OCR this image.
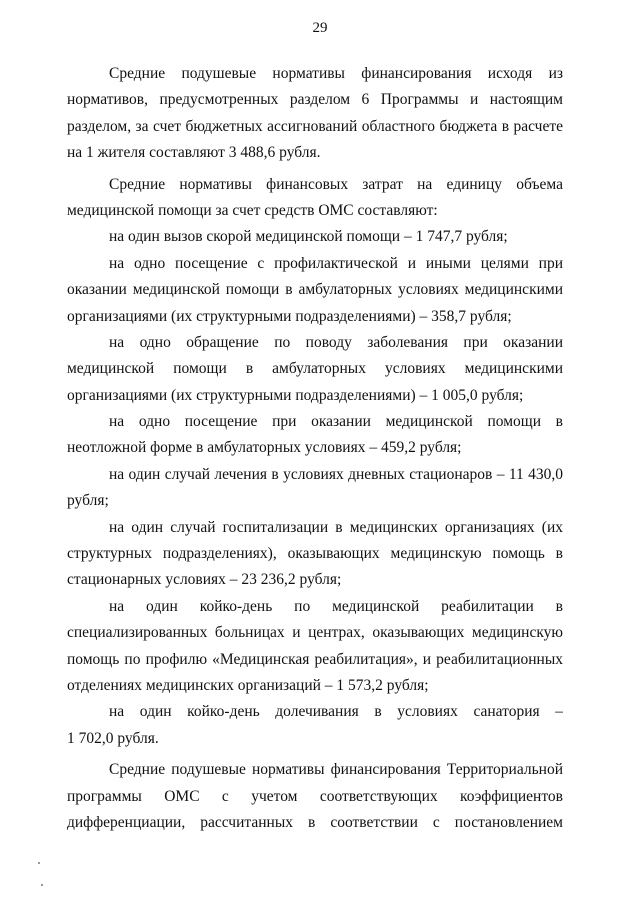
29
Средние подушевые нормативы финансирования исходя из
нормативов, предусмотренных разделом 6 Программы и настоящим
разделом, за счет бюджетных ассигнований областного бюджета в расчете
на 1 жителя составляют 3 488,6 рубля.
Средние нормативы финансовых затрат на единицу объема
медицинской помощи за счет средств ОМС составляют:
на один вызов скорой медицинской помощи – 1 747,7 рубля;
на одно посещение с профилактической и иными целями при
оказании медицинской помощи в амбулаторных условиях медицинскими
организациями (их структурными подразделениями) – 358,7 рубля;
на одно обращение по поводу заболевания при оказании
медицинской помощи в амбулаторных условиях медицинскими
организациями (их структурными подразделениями) – 1 005,0 рубля;
на одно посещение при оказании медицинской помощи в
неотложной форме в амбулаторных условиях – 459,2 рубля;
на один случай лечения в условиях дневных стационаров – 11 430,0
рубля;
на один случай госпитализации в медицинских организациях (их
структурных подразделениях), оказывающих медицинскую помощь в
стационарных условиях – 23 236,2 рубля;
на один койко-день по медицинской реабилитации в
специализированных больницах и центрах, оказывающих медицинскую
помощь по профилю «Медицинская реабилитация», и реабилитационных
отделениях медицинских организаций – 1 573,2 рубля;
на один койко-день долечивания в условиях санатория –
1 702,0 рубля.
Средние подушевые нормативы финансирования Территориальной
программы ОМС с учетом соответствующих коэффициентов
дифференциации, рассчитанных в соответствии с постановлением
